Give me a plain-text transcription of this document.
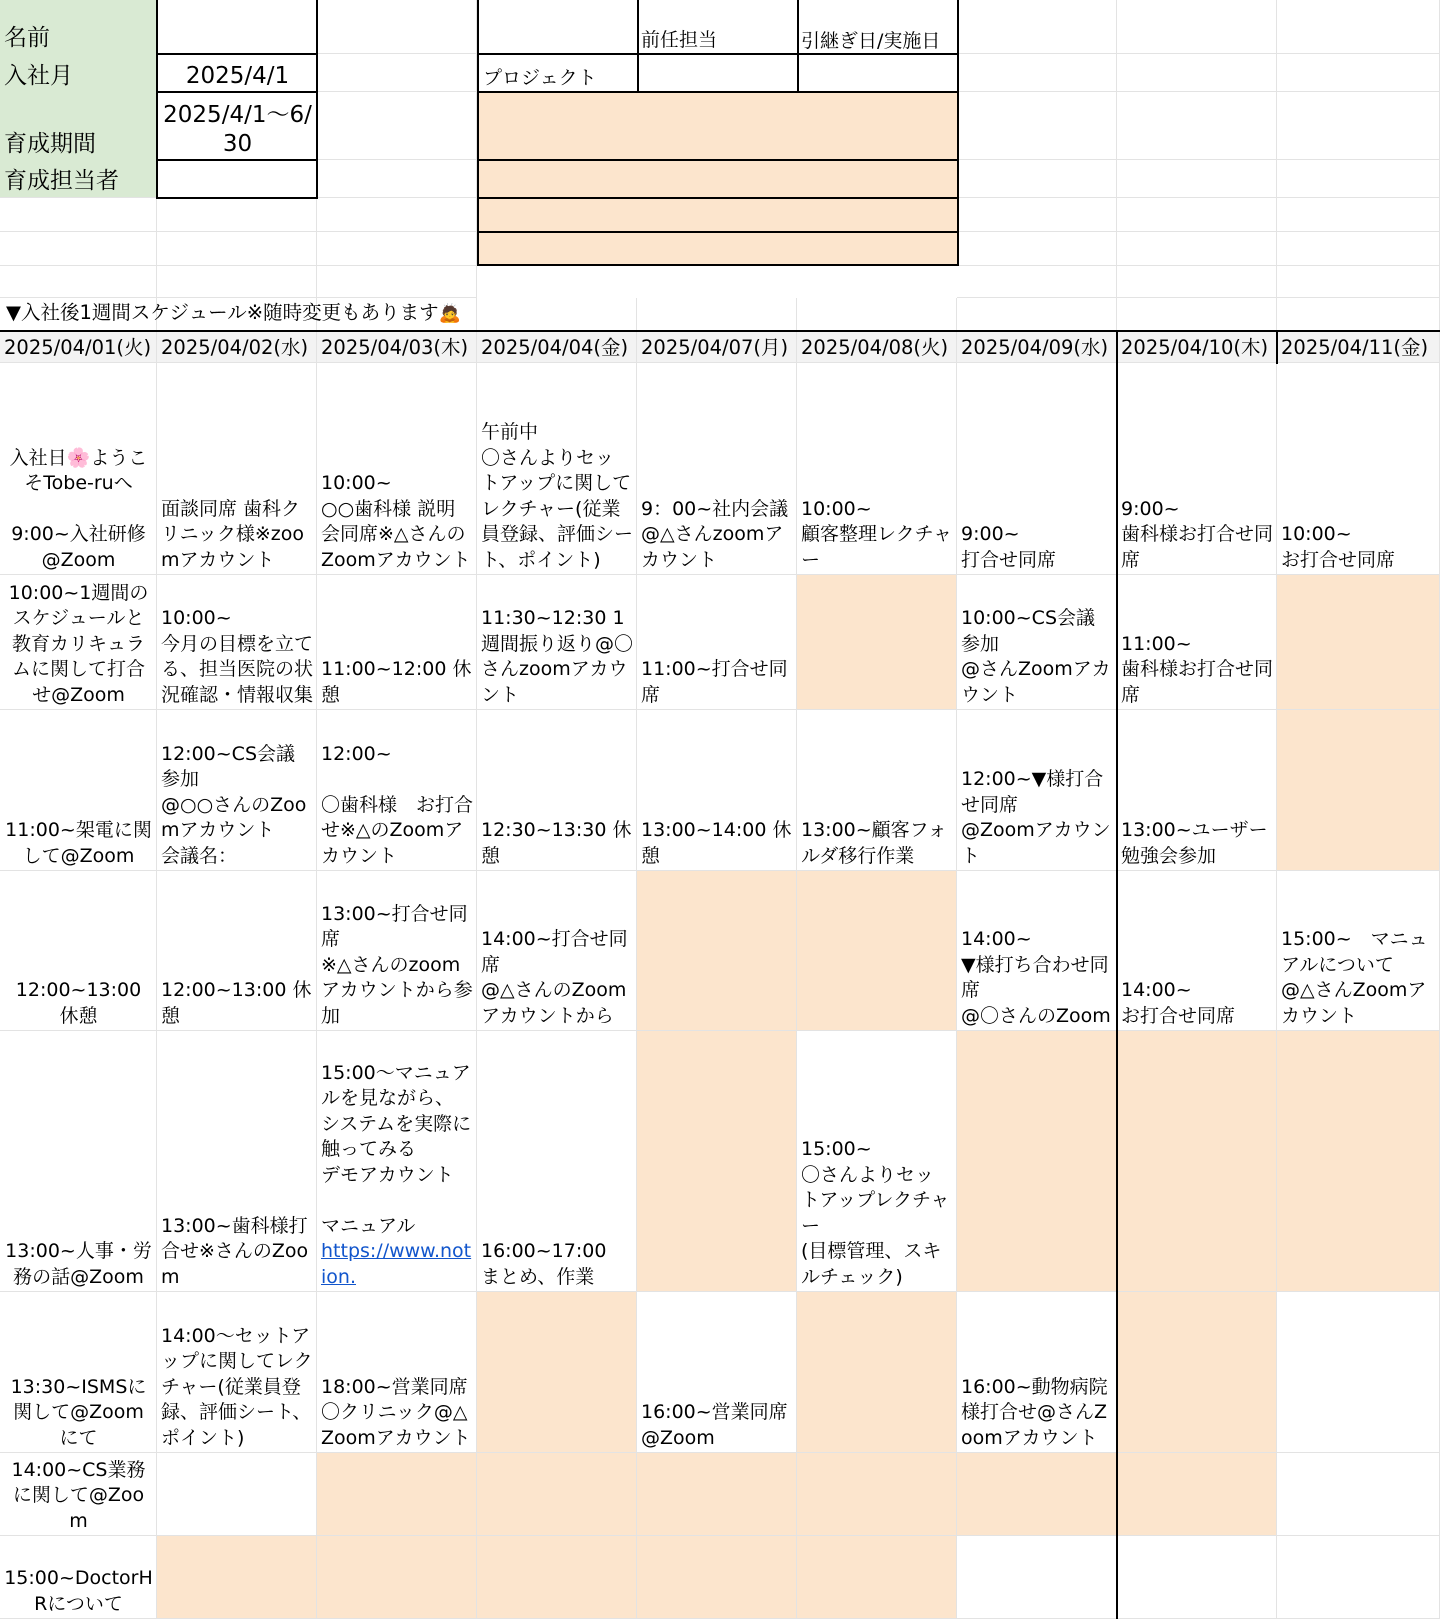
名前
入社月	2025/4/1
育成期間
2025/4/1～6/30
育成担当者
前任担当	引継ぎ日/実施日
プロジェクト
▼入社後1週間スケジュール※随時変更もあります🙇
2025/04/01(火) 2025/04/02(水) 2025/04/03(木) 2025/04/04(金) 2025/04/07(月) 2025/04/08(火) 2025/04/09(水) 2025/04/10(木) 2025/04/11(金)
入社日🌸ようこそTobe-ruへ

9:00~入社研修@Zoom
10:00~1週間のスケジュールと教育カリキュラムに関して打合せ@Zoom
11:00~架電に関して@Zoom
12:00~13:00 休憩
13:00~人事・労務の話@Zoom
13:30~ISMSに関して@Zoomにて
14:00~CS業務に関して@Zoom
15:00~DoctorHRについて
面談同席 歯科クリニック様※zoomアカウント
10:00~
今月の目標を立てる、担当医院の状況確認・情報収集
12:00~CS会議参加
@○○さんのZoomアカウント
会議名：
12:00~13:00 休憩
13:00~歯科様打合せ※さんのZoom
14:00～セットアップに関してレクチャー(従業員登録、評価シート、ポイント)
10:00~
○○歯科様 説明会同席※△さんのZoomアカウント
11:00~12:00 休憩
12:00~

〇歯科様　お打合せ※△のZoomアカウント
13:00~打合せ同席
※△さんのzoomアカウントから参加
15:00～マニュアルを見ながら、システムを実際に触ってみる
デモアカウント

マニュアル
https://www.notion.
18:00~営業同席
〇クリニック@△Zoomアカウント
午前中
〇さんよりセットアップに関してレクチャー(従業員登録、評価シート、ポイント)
11:30~12:30 1週間振り返り@〇さんzoomアカウント
12:30~13:30 休憩
14:00~打合せ同席
@△さんのZoomアカウントから
16:00~17:00
まとめ、作業
9：00~社内会議
@△さんzoomアカウント
11:00~打合せ同席
13:00~14:00 休憩
16:00~営業同席
@Zoom
10:00~
顧客整理レクチャー
13:00~顧客フォルダ移行作業
15:00~
〇さんよりセットアップレクチャー
(目標管理、スキルチェック)
9:00~
打合せ同席
10:00~CS会議参加
@さんZoomアカウント
12:00~▼様打合せ同席
@Zoomアカウント
14:00~
▼様打ち合わせ同席
@〇さんのZoom
16:00~動物病院様打合せ@さんZoomアカウント
9:00~
歯科様お打合せ同席
11:00~
歯科様お打合せ同席
13:00~ユーザー勉強会参加
14:00~
お打合せ同席
10:00~
お打合せ同席
15:00~　マニュアルについて
@△さんZoomアカウント
